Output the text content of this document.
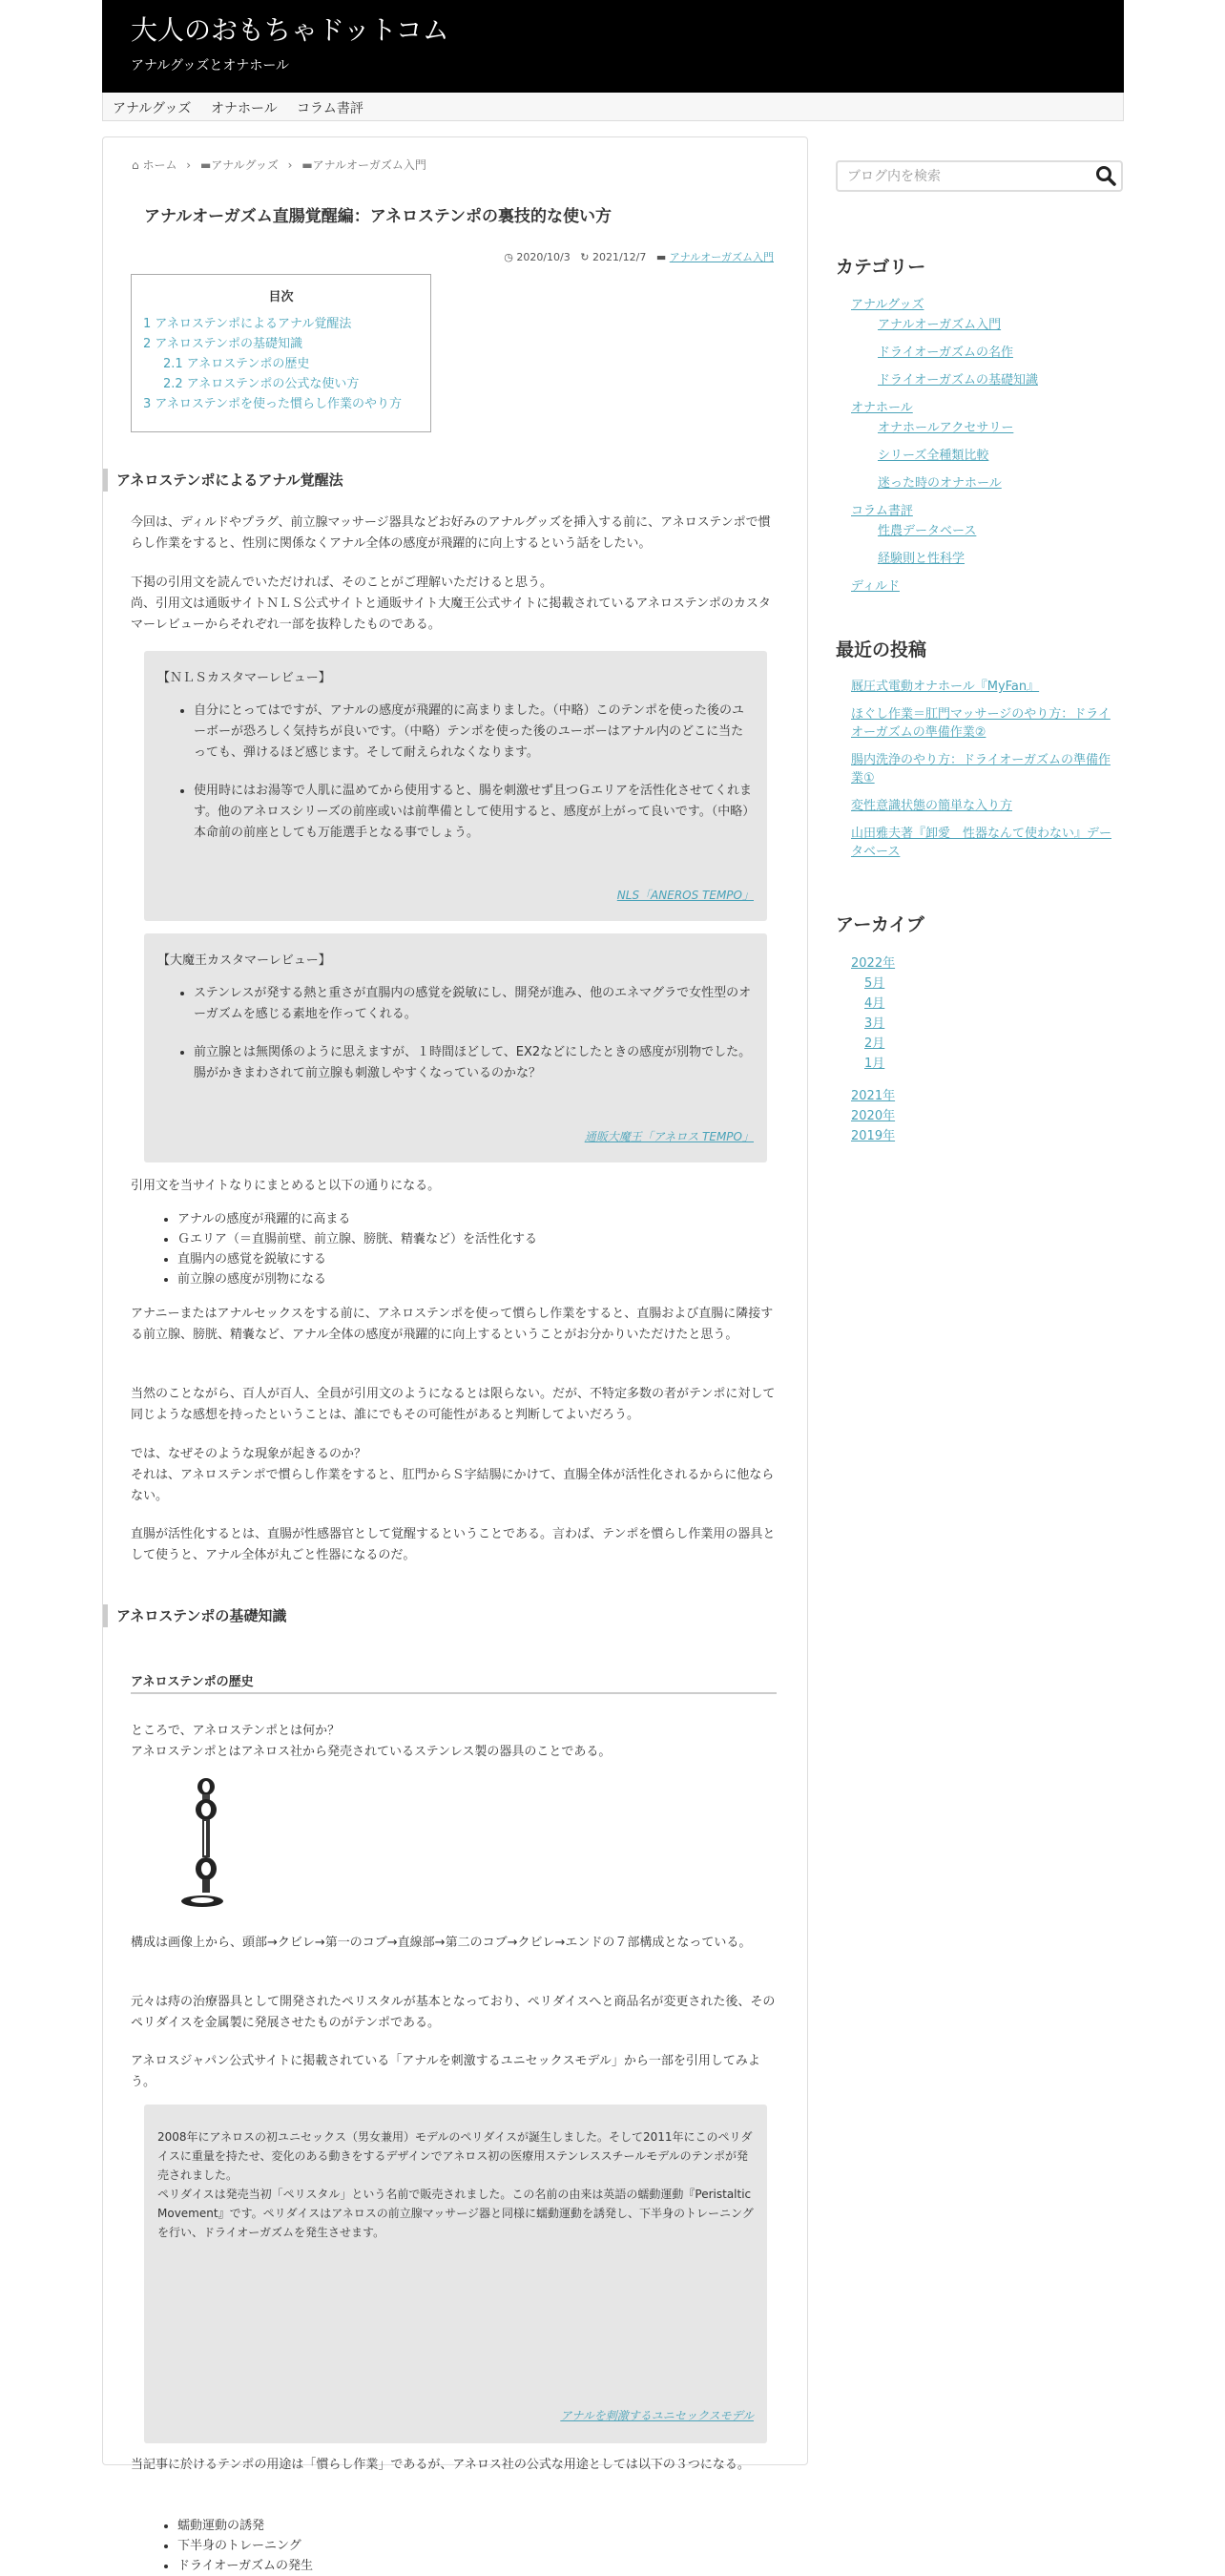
大人のおもちゃドットコム
アナルグッズとオナホール
アナルグッズ オナホール コラム書評
⌂ ホーム › ▬アナルグッズ › ▬アナルオーガズム入門
アナルオーガズム直腸覚醒編：アネロステンポの裏技的な使い方
◷ 2020/10/3 ↻ 2021/12/7 ▬ アナルオーガズム入門
目次
1 アネロステンポによるアナル覚醒法
2 アネロステンポの基礎知識
2.1 アネロステンポの歴史
2.2 アネロステンポの公式な使い方
3 アネロステンポを使った慣らし作業のやり方
アネロステンポによるアナル覚醒法
今回は、ディルドやプラグ、前立腺マッサージ器具などお好みのアナルグッズを挿入する前に、アネロステンポで慣らし作業をすると、性別に関係なくアナル全体の感度が飛躍的に向上するという話をしたい。
下掲の引用文を読んでいただければ、そのことがご理解いただけると思う。
尚、引用文は通販サイトＮＬＳ公式サイトと通販サイト大魔王公式サイトに掲載されているアネロステンポのカスタマーレビューからそれぞれ一部を抜粋したものである。
【ＮＬＳカスタマーレビュー】
• 自分にとってはですが、アナルの感度が飛躍的に高まりました。（中略）このテンポを使った後のユーボーが恐ろしく気持ちが良いです。（中略）テンポを使った後のユーボーはアナル内のどこに当たっても、弾けるほど感じます。そして耐えられなくなります。
• 使用時にはお湯等で人肌に温めてから使用すると、腸を刺激せず且つＧエリアを活性化させてくれます。他のアネロスシリーズの前座或いは前準備として使用すると、感度が上がって良いです。（中略）本命前の前座としても万能選手となる事でしょう。
NLS「ANEROS TEMPO」
【大魔王カスタマーレビュー】
• ステンレスが発する熱と重さが直腸内の感覚を鋭敏にし、開発が進み、他のエネマグラで女性型のオーガズムを感じる素地を作ってくれる。
• 前立腺とは無関係のように思えますが、１時間ほどして、EX2などにしたときの感度が別物でした。腸がかきまわされて前立腺も刺激しやすくなっているのかな？
通販大魔王「アネロス TEMPO」
引用文を当サイトなりにまとめると以下の通りになる。
• アナルの感度が飛躍的に高まる
• Ｇエリア（＝直腸前壁、前立腺、膀胱、精嚢など）を活性化する
• 直腸内の感覚を鋭敏にする
• 前立腺の感度が別物になる
アナニーまたはアナルセックスをする前に、アネロステンポを使って慣らし作業をすると、直腸および直腸に隣接する前立腺、膀胱、精嚢など、アナル全体の感度が飛躍的に向上するということがお分かりいただけたと思う。
当然のことながら、百人が百人、全員が引用文のようになるとは限らない。だが、不特定多数の者がテンポに対して同じような感想を持ったということは、誰にでもその可能性があると判断してよいだろう。
では、なぜそのような現象が起きるのか？
それは、アネロステンポで慣らし作業をすると、肛門からＳ字結腸にかけて、直腸全体が活性化されるからに他ならない。
直腸が活性化するとは、直腸が性感器官として覚醒するということである。言わば、テンポを慣らし作業用の器具として使うと、アナル全体が丸ごと性器になるのだ。
アネロステンポの基礎知識
アネロステンポの歴史
ところで、アネロステンポとは何か？
アネロステンポとはアネロス社から発売されているステンレス製の器具のことである。
構成は画像上から、頭部→クビレ→第一のコブ→直線部→第二のコブ→クビレ→エンドの７部構成となっている。
元々は痔の治療器具として開発されたペリスタルが基本となっており、ペリダイスへと商品名が変更された後、そのペリダイスを金属製に発展させたものがテンポである。
アネロスジャパン公式サイトに掲載されている「アナルを刺激するユニセックスモデル」から一部を引用してみよう。
2008年にアネロスの初ユニセックス（男女兼用）モデルのペリダイスが誕生しました。そして2011年にこのペリダイスに重量を持たせ、変化のある動きをするデザインでアネロス初の医療用ステンレススチールモデルのテンポが発売されました。
ペリダイスは発売当初「ペリスタル」という名前で販売されました。この名前の由来は英語の蠕動運動『Peristaltic Movement』です。ペリダイスはアネロスの前立腺マッサージ器と同様に蠕動運動を誘発し、下半身のトレーニングを行い、ドライオーガズムを発生させます。
アナルを刺激するユニセックスモデル
当記事に於けるテンポの用途は「慣らし作業」であるが、アネロス社の公式な用途としては以下の３つになる。
• 蠕動運動の誘発
• 下半身のトレーニング
• ドライオーガズムの発生
ブログ内を検索
カテゴリー
アナルグッズ
アナルオーガズム入門
ドライオーガズムの名作
ドライオーガズムの基礎知識
オナホール
オナホールアクセサリー
シリーズ全種類比較
迷った時のオナホール
コラム書評
性農データベース
経験則と性科学
ディルド
最近の投稿
厩圧式電動オナホール『MyFan』
ほぐし作業＝肛門マッサージのやり方：ドライオーガズムの準備作業②
腸内洗浄のやり方：ドライオーガズムの準備作業①
変性意識状態の簡単な入り方
山田雅夫著『卸愛　性器なんて使わない』データベース
アーカイブ
2022年
5月
4月
3月
2月
1月
2021年
2020年
2019年
